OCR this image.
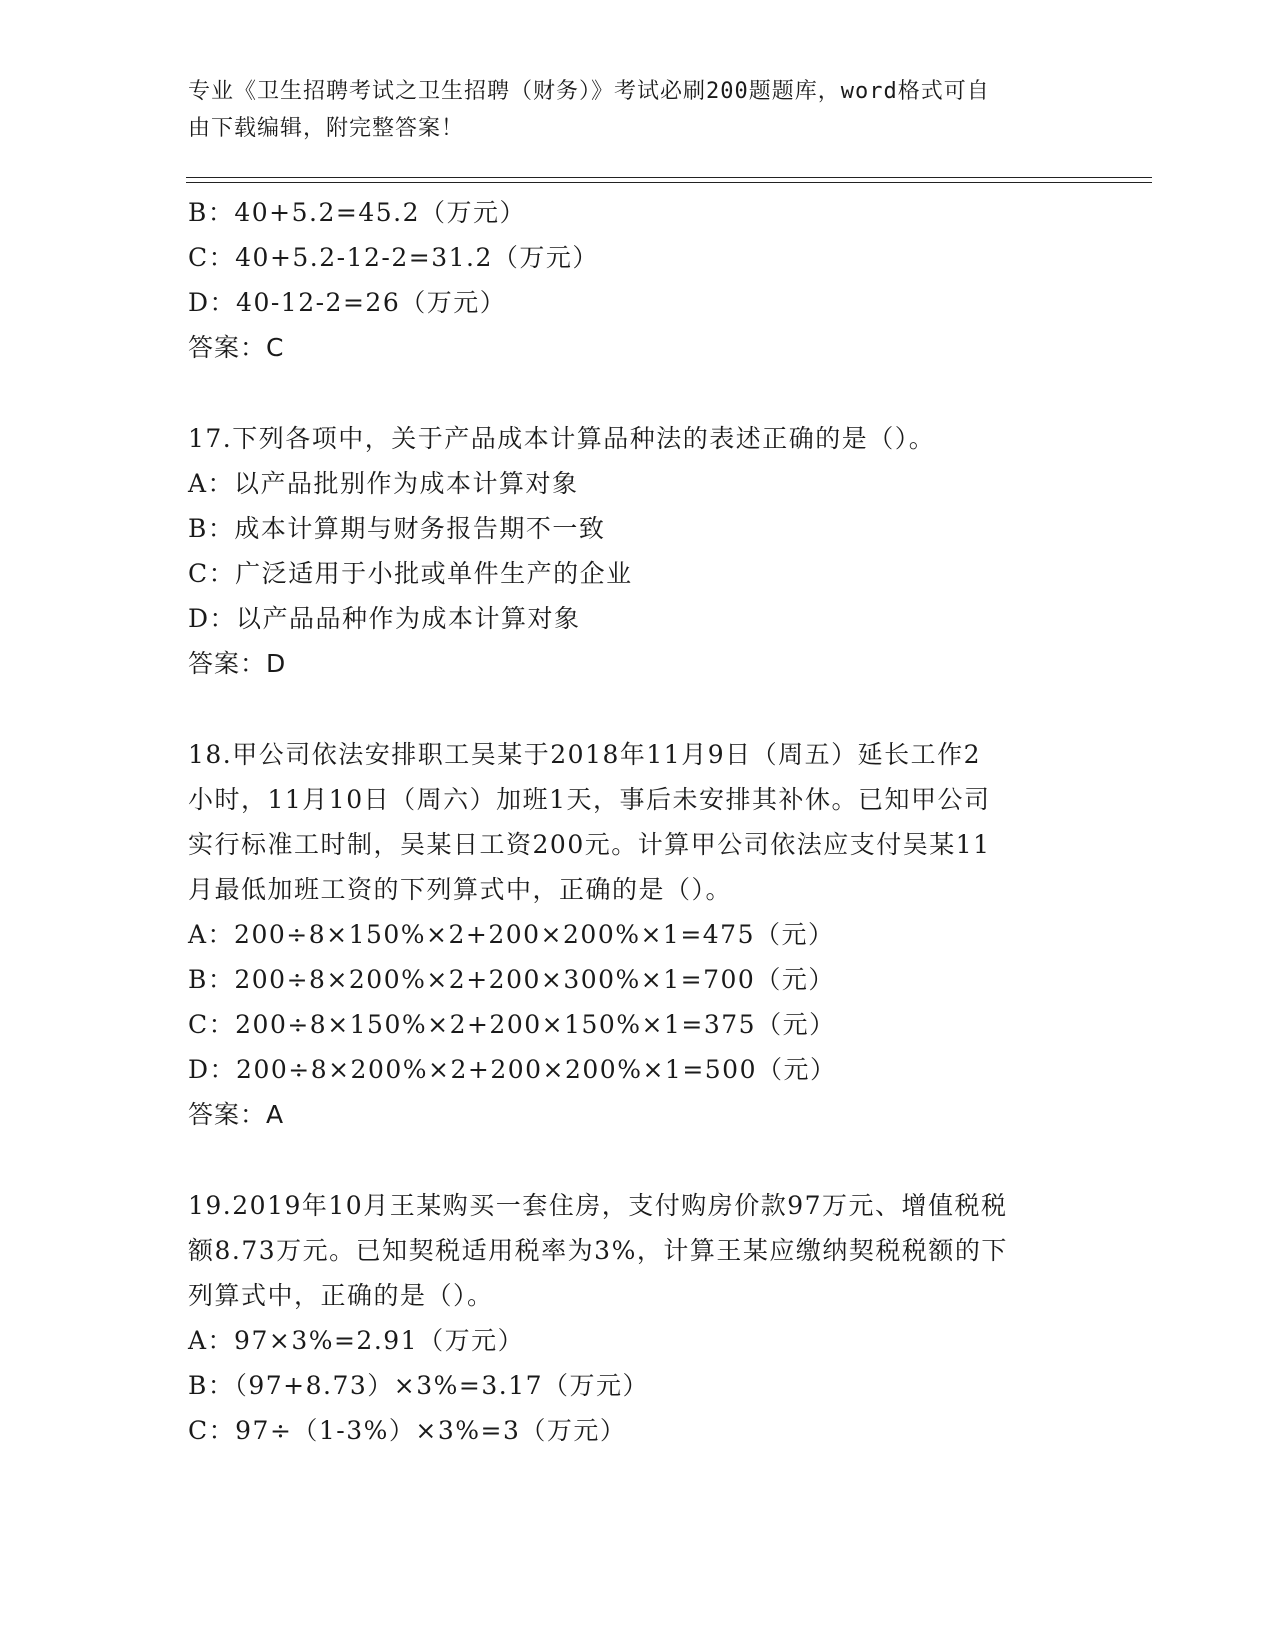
专业《卫生招聘考试之卫生招聘（财务）》考试必刷200题题库，word格式可自
由下载编辑，附完整答案！
B：40+5.2=45.2（万元）
C：40+5.2-12-2=31.2（万元）
D：40-12-2=26（万元）
答案：C
17.下列各项中，关于产品成本计算品种法的表述正确的是（）。
A：以产品批别作为成本计算对象
B：成本计算期与财务报告期不一致
C：广泛适用于小批或单件生产的企业
D：以产品品种作为成本计算对象
答案：D
18.甲公司依法安排职工吴某于2018年11月9日（周五）延长工作2
小时，11月10日（周六）加班1天，事后未安排其补休。已知甲公司
实行标准工时制，吴某日工资200元。计算甲公司依法应支付吴某11
月最低加班工资的下列算式中，正确的是（）。
A：200÷8×150%×2+200×200%×1=475（元）
B：200÷8×200%×2+200×300%×1=700（元）
C：200÷8×150%×2+200×150%×1=375（元）
D：200÷8×200%×2+200×200%×1=500（元）
答案：A
19.2019年10月王某购买一套住房，支付购房价款97万元、增值税税
额8.73万元。已知契税适用税率为3%，计算王某应缴纳契税税额的下
列算式中，正确的是（）。
A：97×3%=2.91（万元）
B：（97+8.73）×3%=3.17（万元）
C：97÷（1-3%）×3%=3（万元）
